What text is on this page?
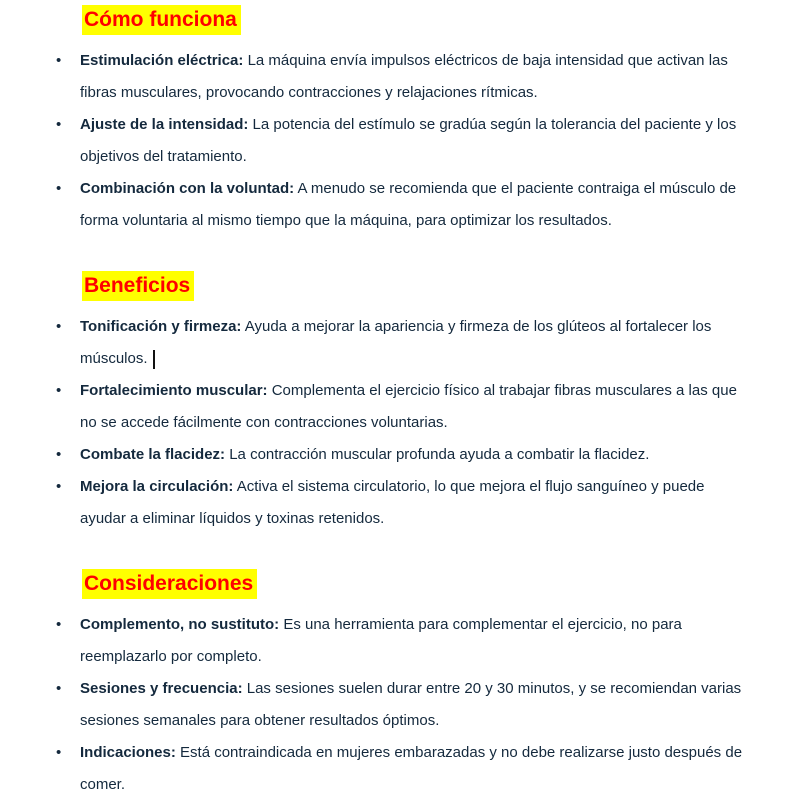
Cómo funciona
• Estimulación eléctrica: La máquina envía impulsos eléctricos de baja intensidad que activan las
fibras musculares, provocando contracciones y relajaciones rítmicas.
• Ajuste de la intensidad: La potencia del estímulo se gradúa según la tolerancia del paciente y los
objetivos del tratamiento.
• Combinación con la voluntad: A menudo se recomienda que el paciente contraiga el músculo de
forma voluntaria al mismo tiempo que la máquina, para optimizar los resultados.
Beneficios
• Tonificación y firmeza: Ayuda a mejorar la apariencia y firmeza de los glúteos al fortalecer los
músculos.
• Fortalecimiento muscular: Complementa el ejercicio físico al trabajar fibras musculares a las que
no se accede fácilmente con contracciones voluntarias.
• Combate la flacidez: La contracción muscular profunda ayuda a combatir la flacidez.
• Mejora la circulación: Activa el sistema circulatorio, lo que mejora el flujo sanguíneo y puede
ayudar a eliminar líquidos y toxinas retenidos.
Consideraciones
• Complemento, no sustituto: Es una herramienta para complementar el ejercicio, no para
reemplazarlo por completo.
• Sesiones y frecuencia: Las sesiones suelen durar entre 20 y 30 minutos, y se recomiendan varias
sesiones semanales para obtener resultados óptimos.
• Indicaciones: Está contraindicada en mujeres embarazadas y no debe realizarse justo después de
comer.
